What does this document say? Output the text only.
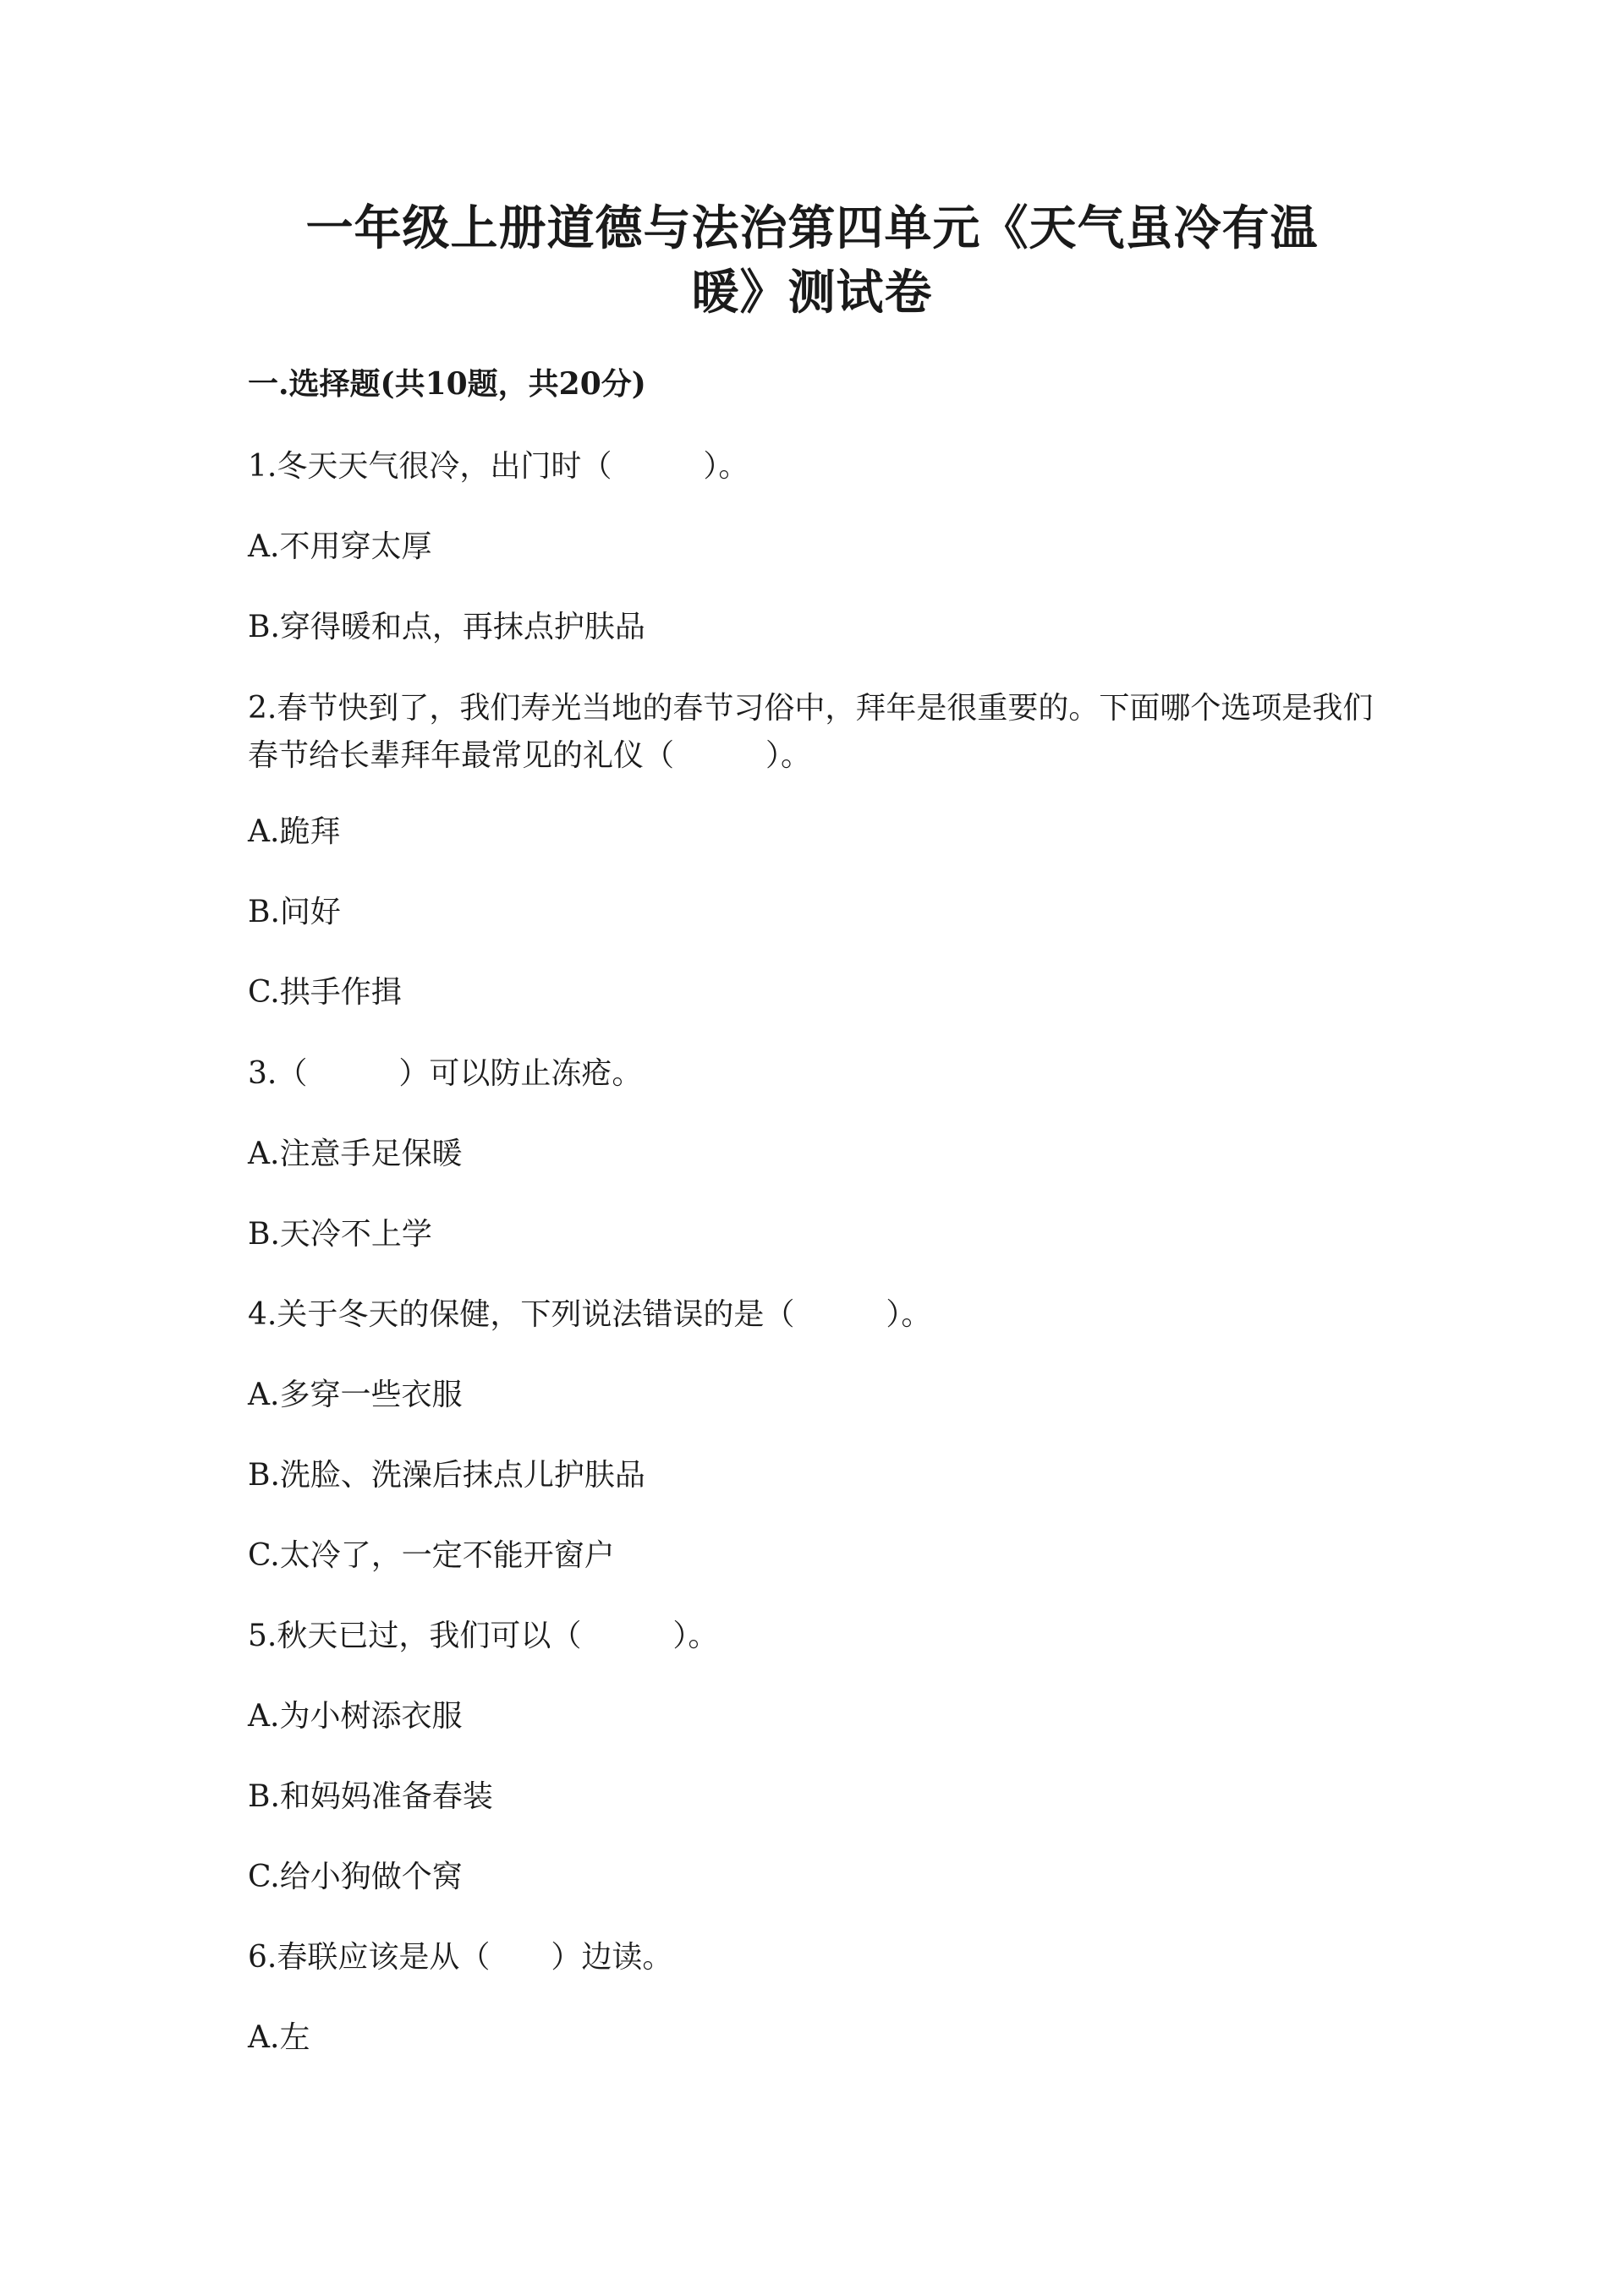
一年级上册道德与法治第四单元《天气虽冷有温暖》测试卷
一.选择题(共10题，共20分)
1.冬天天气很冷，出门时（　　　）。
A.不用穿太厚
B.穿得暖和点，再抹点护肤品
2.春节快到了，我们寿光当地的春节习俗中，拜年是很重要的。下面哪个选项是我们春节给长辈拜年最常见的礼仪（　　　）。
A.跪拜
B.问好
C.拱手作揖
3.（　　　）可以防止冻疮。
A.注意手足保暖
B.天冷不上学
4.关于冬天的保健，下列说法错误的是（　　　）。
A.多穿一些衣服
B.洗脸、洗澡后抹点儿护肤品
C.太冷了，一定不能开窗户
5.秋天已过，我们可以（　　　）。
A.为小树添衣服
B.和妈妈准备春装
C.给小狗做个窝
6.春联应该是从（　　）边读。
A.左
